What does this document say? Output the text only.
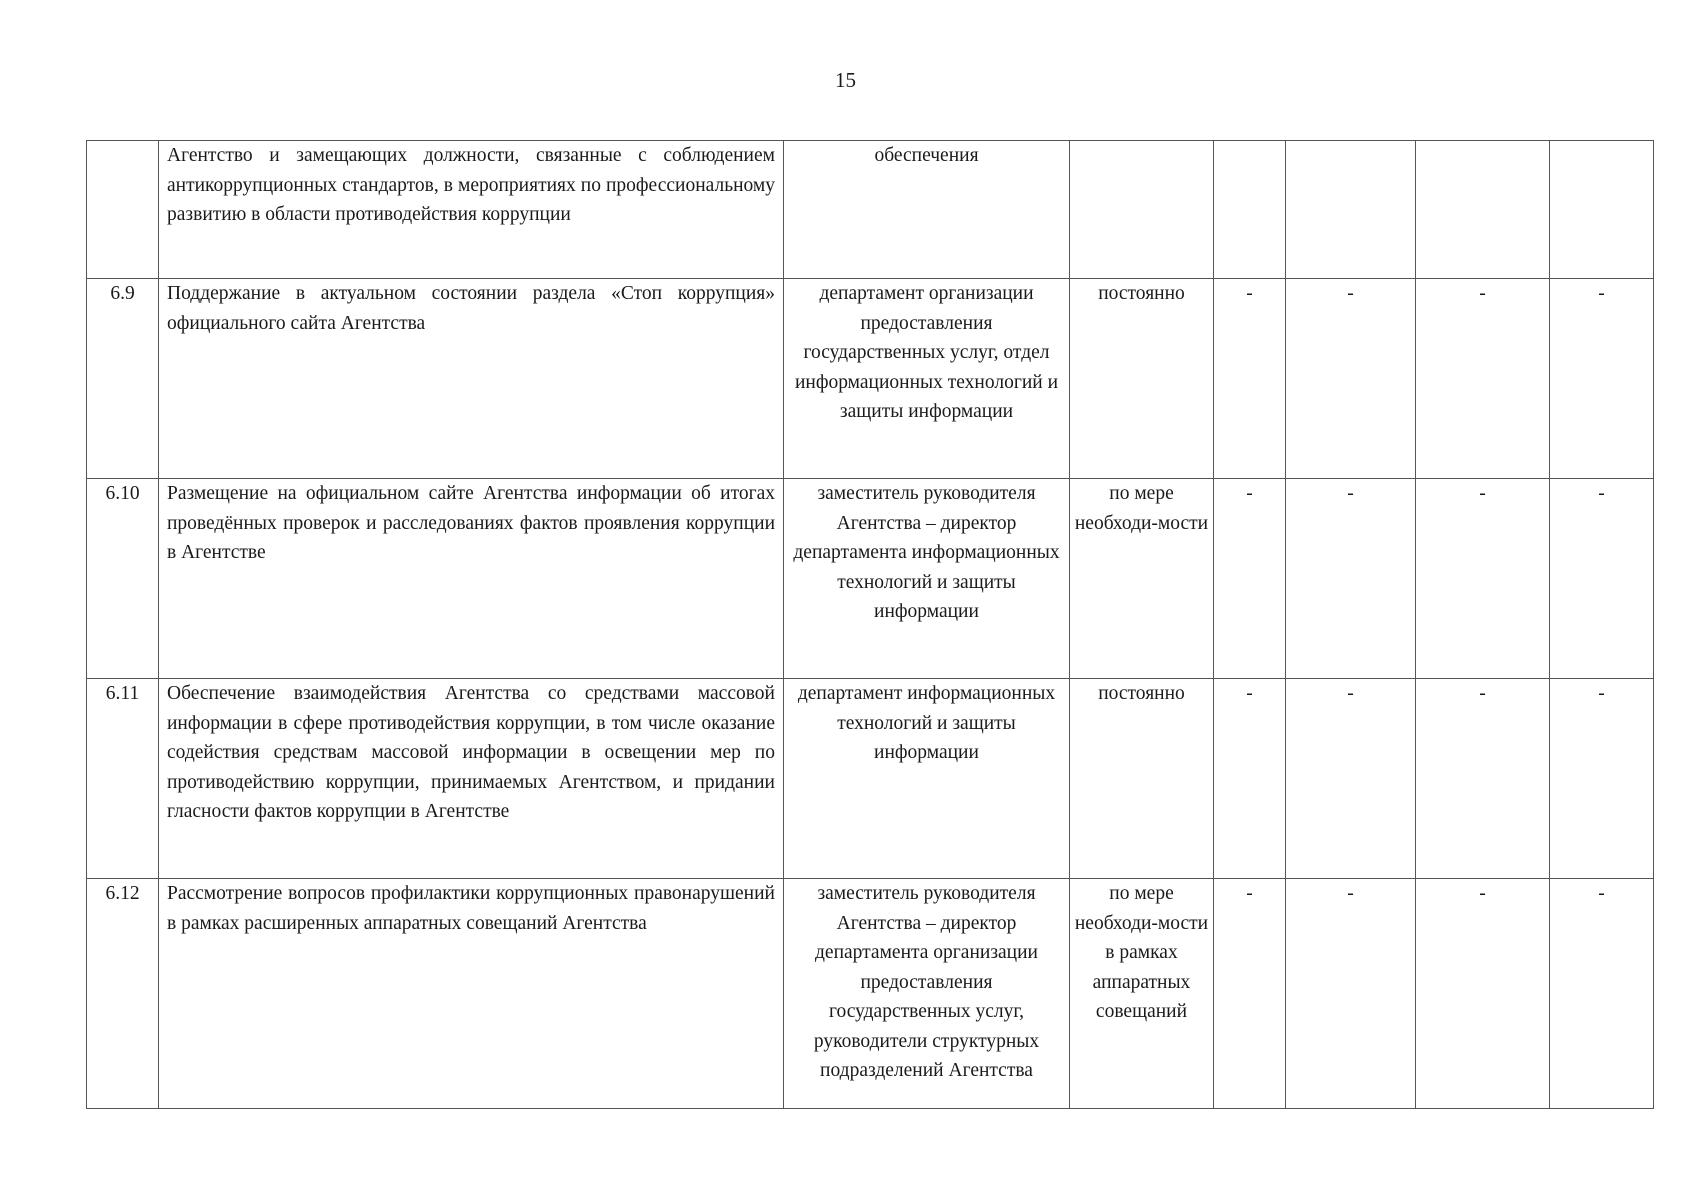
15
	Агентство и замещающих должности, связанные с соблюдением антикоррупционных стандартов, в мероприятиях по профессиональному развитию в области противодействия коррупции	обеспечения					
6.9	Поддержание в актуальном состоянии раздела «Стоп коррупция» официального сайта Агентства	департамент организации предоставления государственных услуг, отдел информационных технологий и защиты информации	постоянно	-	-	-	-
6.10	Размещение на официальном сайте Агентства информации об итогах проведённых проверок и расследованиях фактов проявления коррупции в Агентстве	заместитель руководителя Агентства – директор департамента информационных технологий и защиты информации	по мере необходи-мости	-	-	-	-
6.11	Обеспечение взаимодействия Агентства со средствами массовой информации в сфере противодействия коррупции, в том числе оказание содействия средствам массовой информации в освещении мер по противодействию коррупции, принимаемых Агентством, и придании гласности фактов коррупции в Агентстве	департамент информационных технологий и защиты информации	постоянно	-	-	-	-
6.12	Рассмотрение вопросов профилактики коррупционных правонарушений в рамках расширенных аппаратных совещаний Агентства	заместитель руководителя Агентства – директор департамента организации предоставления государственных услуг, руководители структурных подразделений Агентства	по мере необходи-мости в рамках аппаратных совещаний	-	-	-	-
